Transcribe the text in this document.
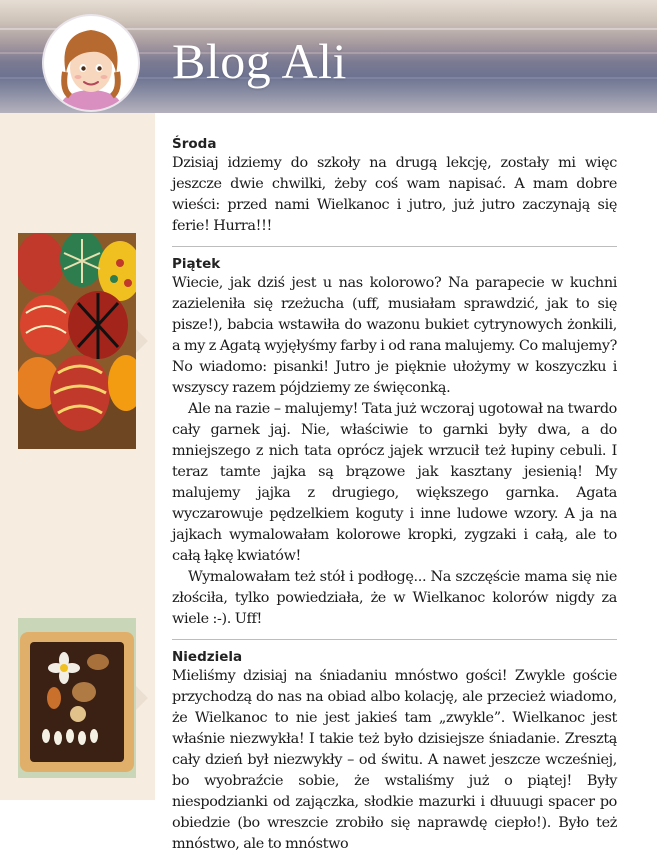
Blog Ali
Środa

Dzisiaj idziemy do szkoły na drugą lekcję, zostały mi więc jeszcze dwie chwilki, żeby coś wam napisać. A mam dobre wieści: przed nami Wielkanoc i jutro, już jutro zaczynają się ferie! Hurra!!!

Piątek

Wiecie, jak dziś jest u nas kolorowo? Na parapecie w kuchni zazieleniła się rzeżucha (uff, musiałam sprawdzić, jak to się pisze!), babcia wstawiła do wazonu bukiet cytrynowych żonkili, a my z Agatą wyjęłyśmy farby i od rana malujemy. Co malujemy? No wiadomo: pisanki! Jutro je pięknie ułożymy w koszyczku i wszyscy razem pójdziemy ze święconką.

Ale na razie – malujemy! Tata już wczoraj ugotował na twardo cały garnek jaj. Nie, właściwie to garnki były dwa, a do mniejszego z nich tata oprócz jajek wrzucił też łupiny cebuli. I teraz tamte jajka są brązowe jak kasztany jesienią! My malujemy jajka z drugiego, większego garnka. Agata wyczarowuje pędzelkiem koguty i inne ludowe wzory. A ja na jajkach wymalowałam kolorowe kropki, zygzaki i całą, ale to całą łąkę kwiatów!

Wymalowałam też stół i podłogę... Na szczęście mama się nie złościła, tylko powiedziała, że w Wielkanoc kolorów nigdy za wiele :-). Uff!

Niedziela

Mieliśmy dzisiaj na śniadaniu mnóstwo gości! Zwykle goście przychodzą do nas na obiad albo kolację, ale przecież wiadomo, że Wielkanoc to nie jest jakieś tam „zwykle”. Wielkanoc jest właśnie niezwykła! I takie też było dzisiejsze śniadanie. Zresztą cały dzień był niezwykły – od świtu. A nawet jeszcze wcześniej, bo wyobraźcie sobie, że wstaliśmy już o piątej! Były niespodzianki od zajączka, słodkie mazurki i dłuuugi spacer po obiedzie (bo wreszcie zrobiło się naprawdę ciepło!). Było też mnóstwo, ale to mnóstwo
